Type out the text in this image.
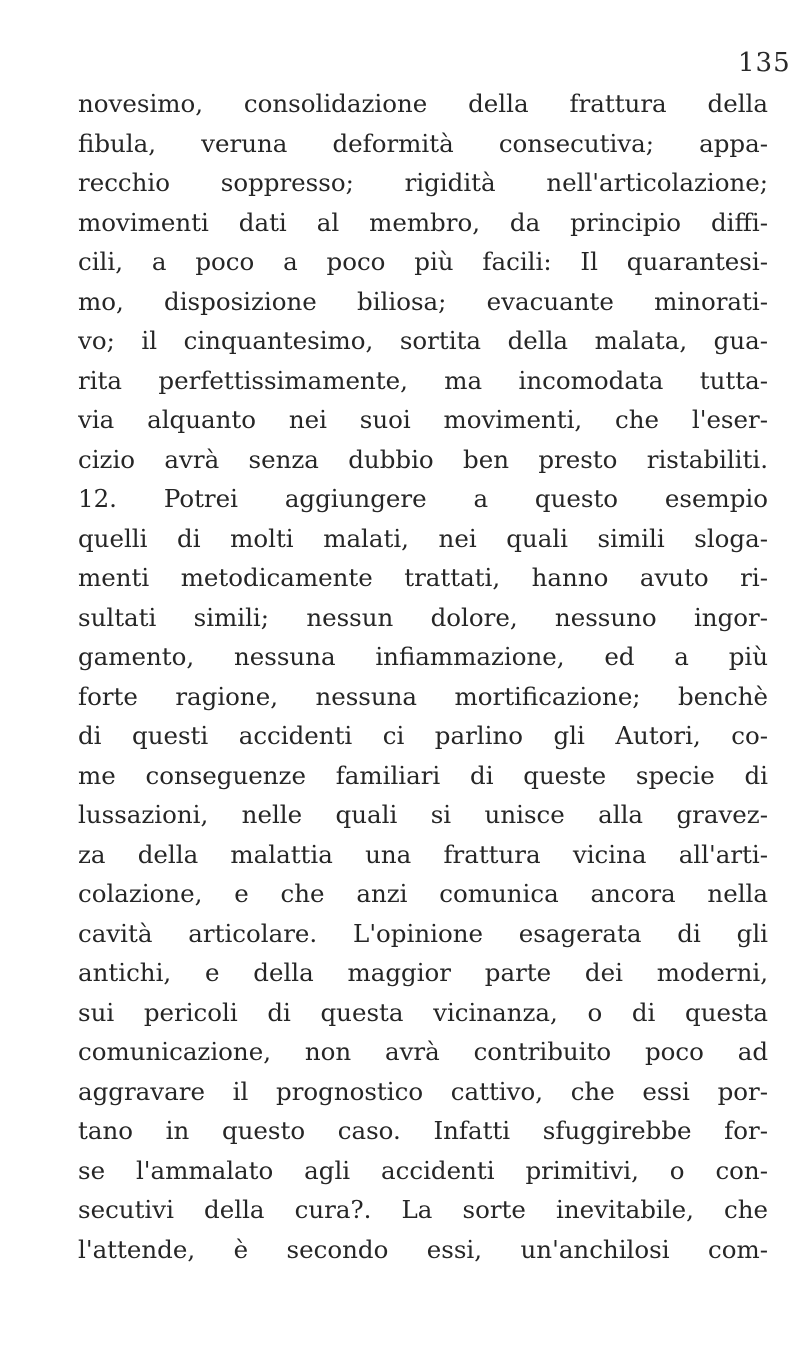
135
novesimo, consolidazione della frattura della
fibula, veruna deformità consecutiva; appa-
recchio soppresso; rigidità nell'articolazione;
movimenti dati al membro, da principio diffi-
cili, a poco a poco più facili: Il quarantesi-
mo, disposizione biliosa; evacuante minorati-
vo; il cinquantesimo, sortita della malata, gua-
rita perfettissimamente, ma incomodata tutta-
via alquanto nei suoi movimenti, che l'eser-
cizio avrà senza dubbio ben presto ristabiliti.
12. Potrei aggiungere a questo esempio
quelli di molti malati, nei quali simili sloga-
menti metodicamente trattati, hanno avuto ri-
sultati simili; nessun dolore, nessuno ingor-
gamento, nessuna infiammazione, ed a più
forte ragione, nessuna mortificazione; benchè
di questi accidenti ci parlino gli Autori, co-
me conseguenze familiari di queste specie di
lussazioni, nelle quali si unisce alla gravez-
za della malattia una frattura vicina all'arti-
colazione, e che anzi comunica ancora nella
cavità articolare. L'opinione esagerata di gli
antichi, e della maggior parte dei moderni,
sui pericoli di questa vicinanza, o di questa
comunicazione, non avrà contribuito poco ad
aggravare il prognostico cattivo, che essi por-
tano in questo caso. Infatti sfuggirebbe for-
se l'ammalato agli accidenti primitivi, o con-
secutivi della cura?. La sorte inevitabile, che
l'attende, è secondo essi, un'anchilosi com-
